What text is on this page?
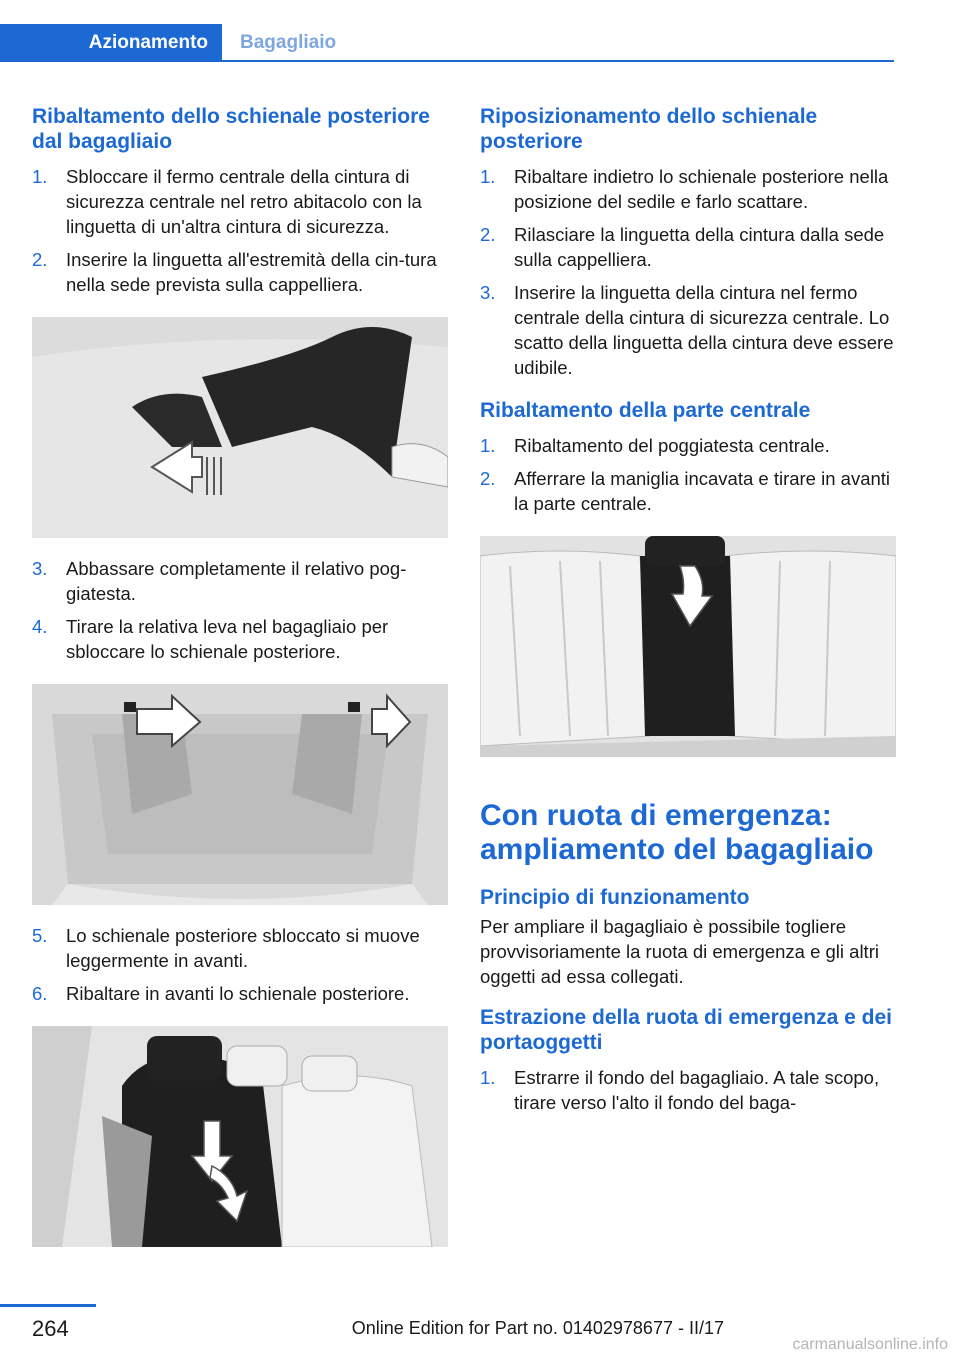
Azionamento	Bagagliaio
Ribaltamento dello schienale posteriore dal bagagliaio
1. Sbloccare il fermo centrale della cintura di sicurezza centrale nel retro abitacolo con la linguetta di un'altra cintura di sicurezza.
2. Inserire la linguetta all'estremità della cin-tura nella sede prevista sulla cappelliera.
3. Abbassare completamente il relativo pog-giatesta.
4. Tirare la relativa leva nel bagagliaio per sbloccare lo schienale posteriore.
5. Lo schienale posteriore sbloccato si muove leggermente in avanti.
6. Ribaltare in avanti lo schienale posteriore.
Riposizionamento dello schienale posteriore
1. Ribaltare indietro lo schienale posteriore nella posizione del sedile e farlo scattare.
2. Rilasciare la linguetta della cintura dalla sede sulla cappelliera.
3. Inserire la linguetta della cintura nel fermo centrale della cintura di sicurezza centrale. Lo scatto della linguetta della cintura deve essere udibile.
Ribaltamento della parte centrale
1. Ribaltamento del poggiatesta centrale.
2. Afferrare la maniglia incavata e tirare in avanti la parte centrale.
Con ruota di emergenza: ampliamento del bagagliaio
Principio di funzionamento

Per ampliare il bagagliaio è possibile togliere provvisoriamente la ruota di emergenza e gli altri oggetti ad essa collegati.

Estrazione della ruota di emergenza e dei portaoggetti
1. Estrarre il fondo del bagagliaio. A tale scopo, tirare verso l'alto il fondo del baga-
264	Online Edition for Part no. 01402978677 - II/17
carmanualsonline.info
